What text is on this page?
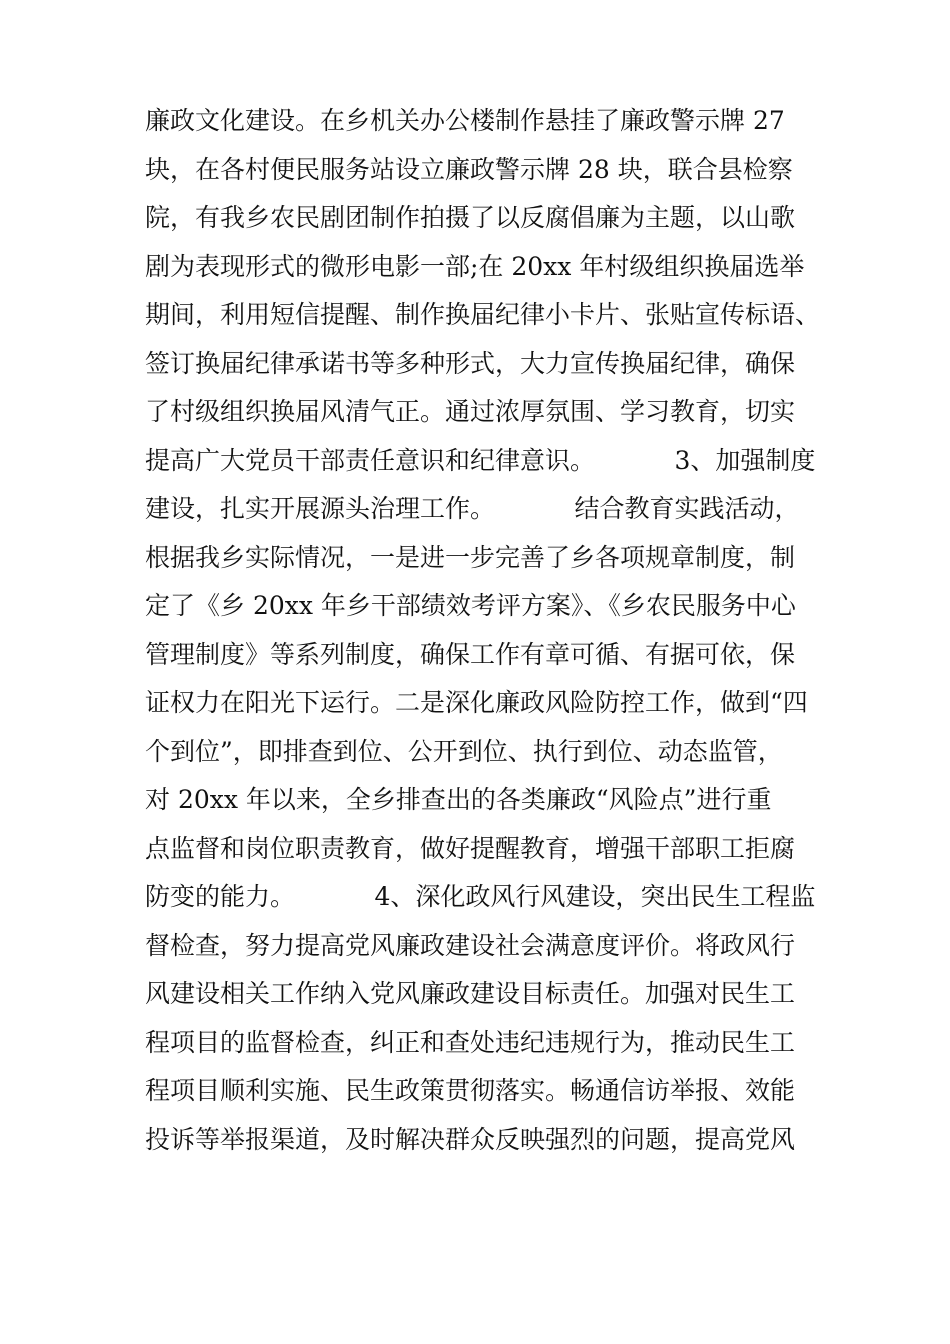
廉政文化建设。在乡机关办公楼制作悬挂了廉政警示牌 27
块，在各村便民服务站设立廉政警示牌 28 块，联合县检察
院，有我乡农民剧团制作拍摄了以反腐倡廉为主题，以山歌
剧为表现形式的微形电影一部;在 20xx 年村级组织换届选举
期间，利用短信提醒、制作换届纪律小卡片、张贴宣传标语、
签订换届纪律承诺书等多种形式，大力宣传换届纪律，确保
了村级组织换届风清气正。通过浓厚氛围、学习教育，切实
提高广大党员干部责任意识和纪律意识。          3、加强制度
建设，扎实开展源头治理工作。          结合教育实践活动，
根据我乡实际情况，一是进一步完善了乡各项规章制度，制
定了《乡 20xx 年乡干部绩效考评方案》、《乡农民服务中心
管理制度》等系列制度，确保工作有章可循、有据可依，保
证权力在阳光下运行。二是深化廉政风险防控工作，做到“四
个到位”，即排查到位、公开到位、执行到位、动态监管，
对 20xx 年以来，全乡排查出的各类廉政“风险点”进行重
点监督和岗位职责教育，做好提醒教育，增强干部职工拒腐
防变的能力。          4、深化政风行风建设，突出民生工程监
督检查，努力提高党风廉政建设社会满意度评价。将政风行
风建设相关工作纳入党风廉政建设目标责任。加强对民生工
程项目的监督检查，纠正和查处违纪违规行为，推动民生工
程项目顺利实施、民生政策贯彻落实。畅通信访举报、效能
投诉等举报渠道，及时解决群众反映强烈的问题，提高党风
